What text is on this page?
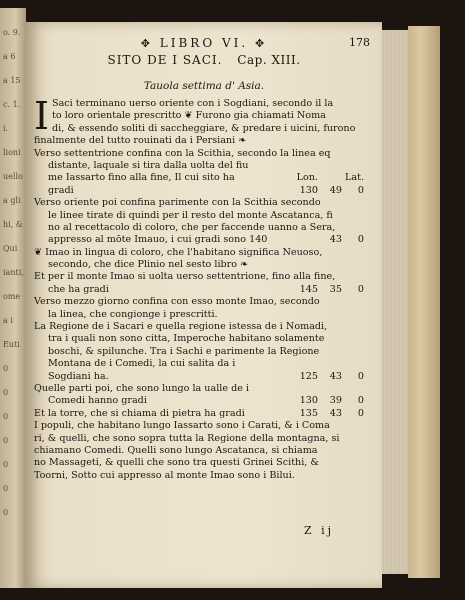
o. 9.
a 6
a 15
c. 1.
i.
lioni
uello
a gli
hi, &
Qui
ianti,
ome
a i
Euti
0
0
0
0
0
0
0
✥ LIBRO VI. ✥	178
SITO DE I SACI. Cap. XIII.
Tauola settima d' Asia.
I Saci terminano uerso oriente con i Sogdiani, secondo il la
to loro orientale prescritto ❦ Furono gia chiamati Noma
di, & essendo soliti di saccheggiare, & predare i uicini, furono
finalmente del tutto rouinati da i Persiani ❧
Verso settentrione confina con la Scithia, secondo la linea eq
distante, laquale si tira dalla uolta del fiu
me Iassarto fino alla fine, Il cui sito ha	Lon.	Lat.
gradi	130	49	0
Verso oriente poi confina parimente con la Scithia secondo
le linee tirate di quindi per il resto del monte Ascatanca, fi
no al recettacolo di coloro, che per faccende uanno a Sera,
appresso al mōte Imauo, i cui gradi sono 140	43	0
❦ Imao in lingua di coloro, che l'habitano significa Neuoso,
secondo, che dice Plinio nel sesto libro ❧
Et per il monte Imao si uolta uerso settentrione, fino alla fine,
che ha gradi	145	35	0
Verso mezzo giorno confina con esso monte Imao, secondo
la linea, che congionge i prescritti.
La Regione de i Sacari e quella regione istessa de i Nomadi,
tra i quali non sono citta, Imperoche habitano solamente
boschi, & spilunche. Tra i Sachi e parimente la Regione
Montana de i Comedi, la cui salita da i
Sogdiani ha.	125	43	0
Quelle parti poi, che sono lungo la ualle de i
Comedi hanno gradi	130	39	0
Et la torre, che si chiama di pietra ha gradi	135	43	0
I populi, che habitano lungo Iassarto sono i Carati, & i Coma
ri, & quelli, che sono sopra tutta la Regione della montagna, si
chiamano Comedi. Quelli sono lungo Ascatanca, si chiama
no Massageti, & quelli che sono tra questi Grinei Scithi, &
Toorni, Sotto cui appresso al monte Imao sono i Bilui.
Z ij
